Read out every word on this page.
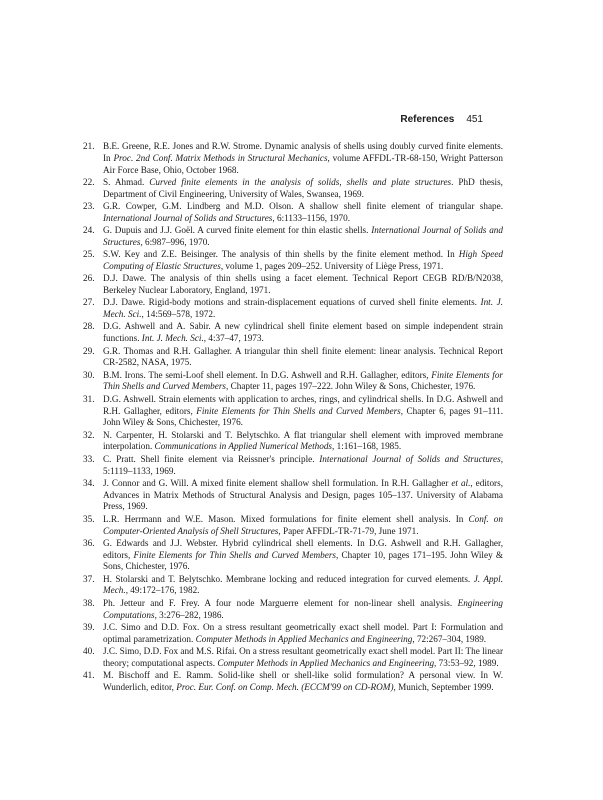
References 451
21. B.E. Greene, R.E. Jones and R.W. Strome. Dynamic analysis of shells using doubly curved finite elements. In Proc. 2nd Conf. Matrix Methods in Structural Mechanics, volume AFFDL-TR-68-150, Wright Patterson Air Force Base, Ohio, October 1968.
22. S. Ahmad. Curved finite elements in the analysis of solids, shells and plate structures. PhD thesis, Department of Civil Engineering, University of Wales, Swansea, 1969.
23. G.R. Cowper, G.M. Lindberg and M.D. Olson. A shallow shell finite element of triangular shape. International Journal of Solids and Structures, 6:1133–1156, 1970.
24. G. Dupuis and J.J. Goël. A curved finite element for thin elastic shells. International Journal of Solids and Structures, 6:987–996, 1970.
25. S.W. Key and Z.E. Beisinger. The analysis of thin shells by the finite element method. In High Speed Computing of Elastic Structures, volume 1, pages 209–252. University of Liège Press, 1971.
26. D.J. Dawe. The analysis of thin shells using a facet element. Technical Report CEGB RD/B/N2038, Berkeley Nuclear Laboratory, England, 1971.
27. D.J. Dawe. Rigid-body motions and strain-displacement equations of curved shell finite elements. Int. J. Mech. Sci., 14:569–578, 1972.
28. D.G. Ashwell and A. Sabir. A new cylindrical shell finite element based on simple independent strain functions. Int. J. Mech. Sci., 4:37–47, 1973.
29. G.R. Thomas and R.H. Gallagher. A triangular thin shell finite element: linear analysis. Technical Report CR-2582, NASA, 1975.
30. B.M. Irons. The semi-Loof shell element. In D.G. Ashwell and R.H. Gallagher, editors, Finite Elements for Thin Shells and Curved Members, Chapter 11, pages 197–222. John Wiley & Sons, Chichester, 1976.
31. D.G. Ashwell. Strain elements with application to arches, rings, and cylindrical shells. In D.G. Ashwell and R.H. Gallagher, editors, Finite Elements for Thin Shells and Curved Members, Chapter 6, pages 91–111. John Wiley & Sons, Chichester, 1976.
32. N. Carpenter, H. Stolarski and T. Belytschko. A flat triangular shell element with improved membrane interpolation. Communications in Applied Numerical Methods, 1:161–168, 1985.
33. C. Pratt. Shell finite element via Reissner's principle. International Journal of Solids and Structures, 5:1119–1133, 1969.
34. J. Connor and G. Will. A mixed finite element shallow shell formulation. In R.H. Gallagher et al., editors, Advances in Matrix Methods of Structural Analysis and Design, pages 105–137. University of Alabama Press, 1969.
35. L.R. Herrmann and W.E. Mason. Mixed formulations for finite element shell analysis. In Conf. on Computer-Oriented Analysis of Shell Structures, Paper AFFDL-TR-71-79, June 1971.
36. G. Edwards and J.J. Webster. Hybrid cylindrical shell elements. In D.G. Ashwell and R.H. Gallagher, editors, Finite Elements for Thin Shells and Curved Members, Chapter 10, pages 171–195. John Wiley & Sons, Chichester, 1976.
37. H. Stolarski and T. Belytschko. Membrane locking and reduced integration for curved elements. J. Appl. Mech., 49:172–176, 1982.
38. Ph. Jetteur and F. Frey. A four node Marguerre element for non-linear shell analysis. Engineering Computations, 3:276–282, 1986.
39. J.C. Simo and D.D. Fox. On a stress resultant geometrically exact shell model. Part I: Formulation and optimal parametrization. Computer Methods in Applied Mechanics and Engineering, 72:267–304, 1989.
40. J.C. Simo, D.D. Fox and M.S. Rifai. On a stress resultant geometrically exact shell model. Part II: The linear theory; computational aspects. Computer Methods in Applied Mechanics and Engineering, 73:53–92, 1989.
41. M. Bischoff and E. Ramm. Solid-like shell or shell-like solid formulation? A personal view. In W. Wunderlich, editor, Proc. Eur. Conf. on Comp. Mech. (ECCM'99 on CD-ROM), Munich, September 1999.
